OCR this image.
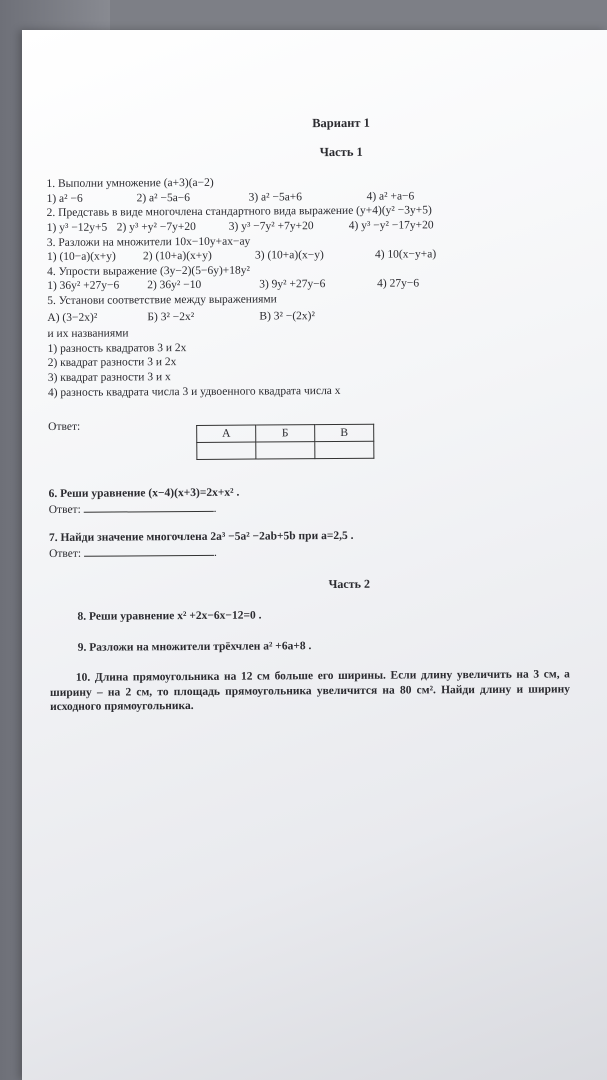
Вариант 1
Часть 1
1. Выполни умножение (a+3)(a−2)
1) a² −6	2) a² −5a−6	3) a² −5a+6	4) a² +a−6
2. Представь в виде многочлена стандартного вида выражение (y+4)(y² −3y+5)
1) y³ −12y+5 2) y³ +y² −7y+20	3) y³ −7y² +7y+20	4) y³ −y² −17y+20
3. Разложи на множители 10x−10y+ax−ay
1) (10−a)(x+y)	2) (10+a)(x+y)	3) (10+a)(x−y)	4) 10(x−y+a)
4. Упрости выражение (3y−2)(5−6y)+18y²
1) 36y² +27y−6	2) 36y² −10	3) 9y² +27y−6	4) 27y−6
5. Установи соответствие между выражениями
А) (3−2x)²	Б) 3² −2x²	В) 3² −(2x)²
и их названиями
1) разность квадратов 3 и 2x
2) квадрат разности 3 и 2x
3) квадрат разности 3 и x
4) разность квадрата числа 3 и удвоенного квадрата числа x
Ответ:
А	Б	В

6. Реши уравнение (x−4)(x+3)=2x+x² .
Ответ:	.
7. Найди значение многочлена 2a³ −5a² −2ab+5b при a=2,5 .
Ответ:	.
Часть 2
8. Реши уравнение x² +2x−6x−12=0 .
9. Разложи на множители трёхчлен a² +6a+8 .
10. Длина прямоугольника на 12 см больше его ширины. Если длину увеличить на 3 см, а ширину – на 2 см, то площадь прямоугольника увеличится на 80 см². Найди длину и ширину исходного прямоугольника.
